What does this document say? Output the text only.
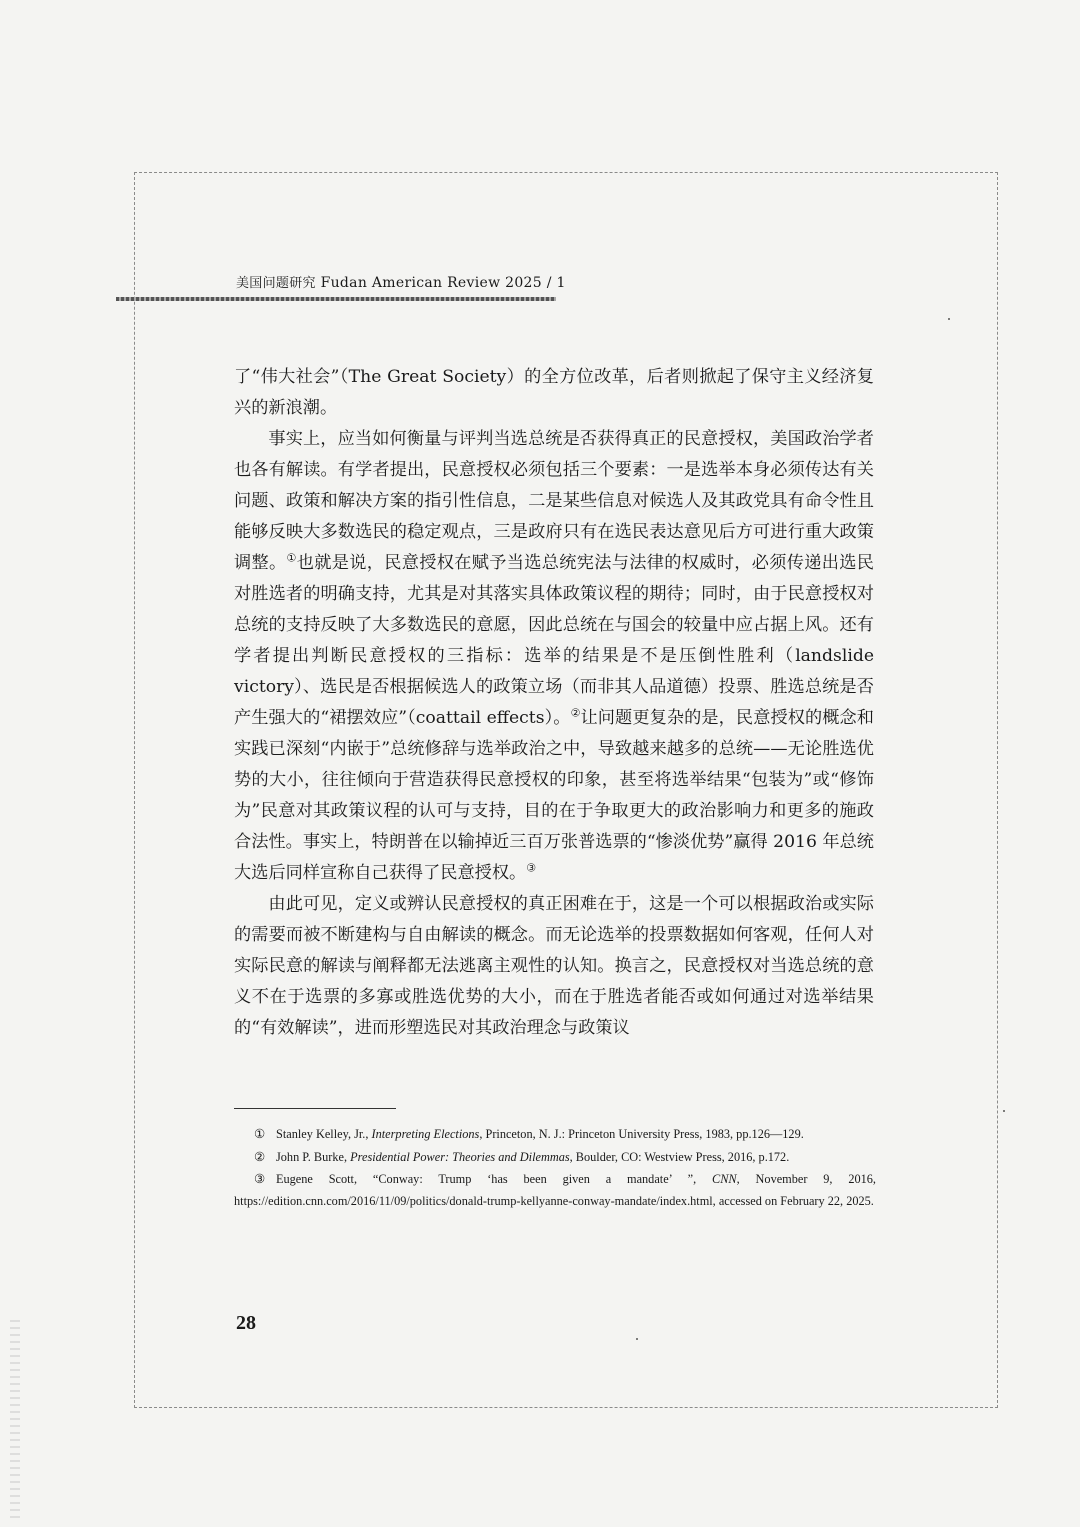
美国问题研究 Fudan American Review 2025 / 1

了“伟大社会”（The Great Society）的全方位改革，后者则掀起了保守主义经济复兴的新浪潮。

事实上，应当如何衡量与评判当选总统是否获得真正的民意授权，美国政治学者也各有解读。有学者提出，民意授权必须包括三个要素：一是选举本身必须传达有关问题、政策和解决方案的指引性信息，二是某些信息对候选人及其政党具有命令性且能够反映大多数选民的稳定观点，三是政府只有在选民表达意见后方可进行重大政策调整。①也就是说，民意授权在赋予当选总统宪法与法律的权威时，必须传递出选民对胜选者的明确支持，尤其是对其落实具体政策议程的期待；同时，由于民意授权对总统的支持反映了大多数选民的意愿，因此总统在与国会的较量中应占据上风。还有学者提出判断民意授权的三指标：选举的结果是不是压倒性胜利（landslide victory）、选民是否根据候选人的政策立场（而非其人品道德）投票、胜选总统是否产生强大的“裙摆效应”（coattail effects）。②让问题更复杂的是，民意授权的概念和实践已深刻“内嵌于”总统修辞与选举政治之中，导致越来越多的总统——无论胜选优势的大小，往往倾向于营造获得民意授权的印象，甚至将选举结果“包装为”或“修饰为”民意对其政策议程的认可与支持，目的在于争取更大的政治影响力和更多的施政合法性。事实上，特朗普在以输掉近三百万张普选票的“惨淡优势”赢得 2016 年总统大选后同样宣称自己获得了民意授权。③

由此可见，定义或辨认民意授权的真正困难在于，这是一个可以根据政治或实际的需要而被不断建构与自由解读的概念。而无论选举的投票数据如何客观，任何人对实际民意的解读与阐释都无法逃离主观性的认知。换言之，民意授权对当选总统的意义不在于选票的多寡或胜选优势的大小，而在于胜选者能否或如何通过对选举结果的“有效解读”，进而形塑选民对其政治理念与政策议

① Stanley Kelley, Jr., Interpreting Elections, Princeton, N. J.: Princeton University Press, 1983, pp.126—129.

② John P. Burke, Presidential Power: Theories and Dilemmas, Boulder, CO: Westview Press, 2016, p.172.

③ Eugene Scott, “Conway: Trump ‘has been given a mandate’ ”, CNN, November 9, 2016, https://edition.cnn.com/2016/11/09/politics/donald-trump-kellyanne-conway-mandate/index.html, accessed on February 22, 2025.

28
